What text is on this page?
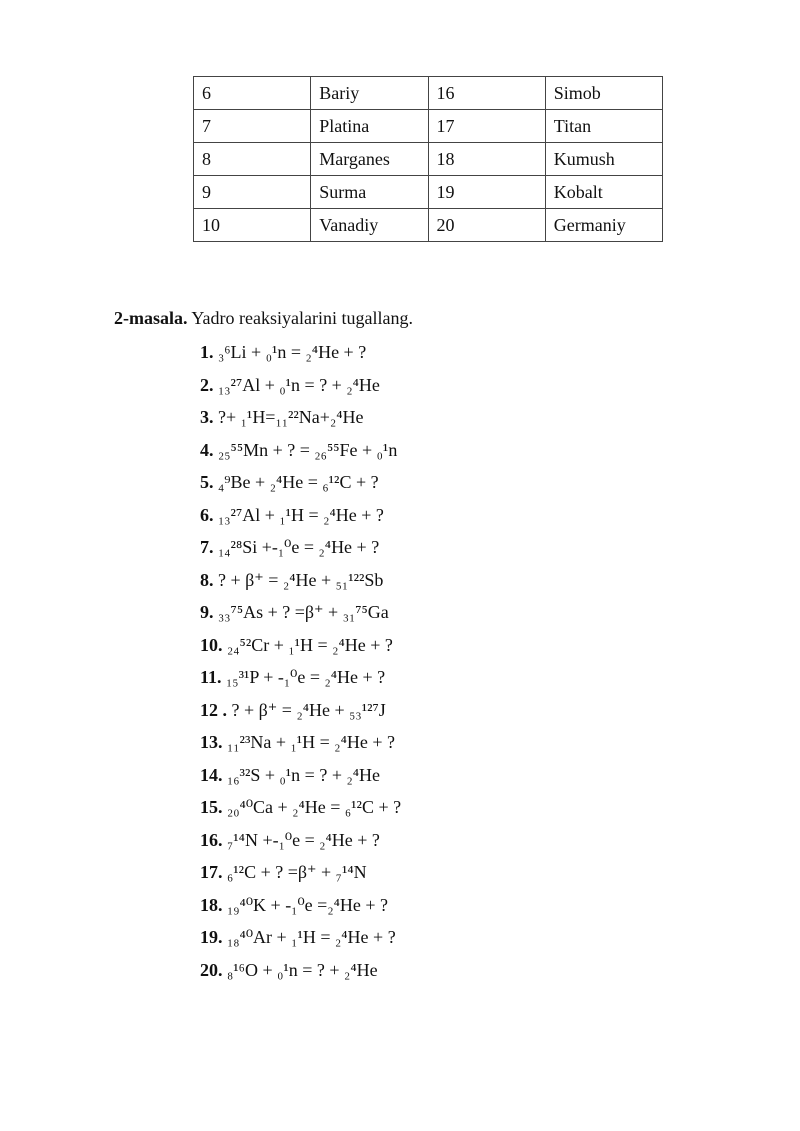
6	Bariy	16	Simob
7	Platina	17	Titan
8	Marganes	18	Kumush
9	Surma	19	Kobalt
10	Vanadiy	20	Germaniy

2-masala. Yadro reaksiyalarini tugallang.

1. ₃⁶Li + ₀¹n = ₂⁴He + ?
2. ₁₃²⁷Al + ₀¹n = ? + ₂⁴He
3. ?+ ₁¹H=₁₁²²Na+₂⁴He
4. ₂₅⁵⁵Mn + ? = ₂₆⁵⁵Fe + ₀¹n
5. ₄⁹Be + ₂⁴He = ₆¹²C + ?
6. ₁₃²⁷Al + ₁¹H = ₂⁴He + ?
7. ₁₄²⁸Si +-₁⁰e = ₂⁴He + ?
8. ? + β⁺ = ₂⁴He + ₅₁¹²²Sb
9. ₃₃⁷⁵As + ? =β⁺ + ₃₁⁷⁵Ga
10. ₂₄⁵²Cr + ₁¹H = ₂⁴He + ?
11. ₁₅³¹P + -₁⁰e = ₂⁴He + ?
12 . ? + β⁺ = ₂⁴He + ₅₃¹²⁷J
13. ₁₁²³Na + ₁¹H = ₂⁴He + ?
14. ₁₆³²S + ₀¹n = ? + ₂⁴He
15. ₂₀⁴⁰Ca + ₂⁴He = ₆¹²C + ?
16. ₇¹⁴N +-₁⁰e = ₂⁴He + ?
17. ₆¹²C + ? =β⁺ + ₇¹⁴N
18. ₁₉⁴⁰K + -₁⁰e =₂⁴He + ?
19. ₁₈⁴⁰Ar + ₁¹H = ₂⁴He + ?
20. ₈¹⁶O + ₀¹n = ? + ₂⁴He
